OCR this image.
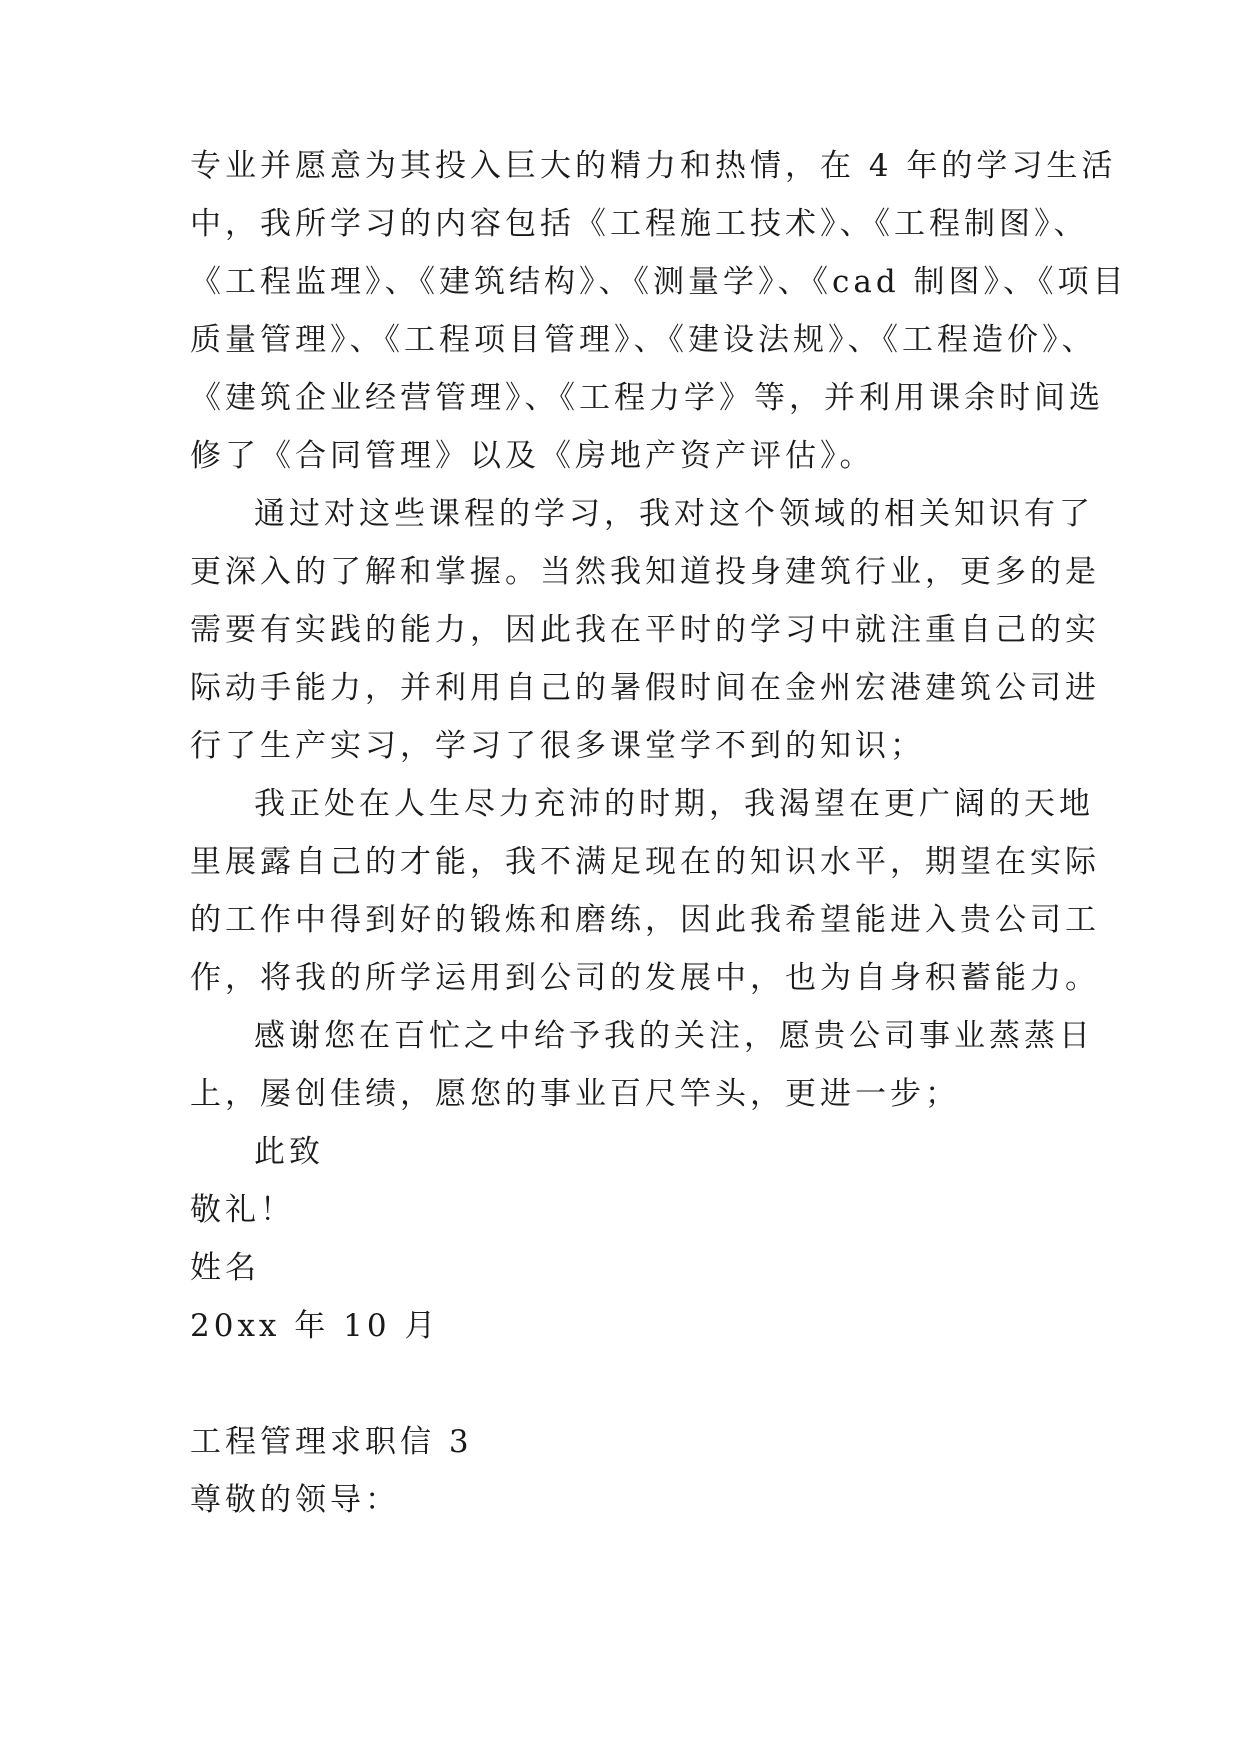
专业并愿意为其投入巨大的精力和热情，在 4 年的学习生活
中，我所学习的内容包括《工程施工技术》、《工程制图》、
《工程监理》、《建筑结构》、《测量学》、《cad 制图》、《项目
质量管理》、《工程项目管理》、《建设法规》、《工程造价》、
《建筑企业经营管理》、《工程力学》等，并利用课余时间选
修了《合同管理》以及《房地产资产评估》。
通过对这些课程的学习，我对这个领域的相关知识有了
更深入的了解和掌握。当然我知道投身建筑行业，更多的是
需要有实践的能力，因此我在平时的学习中就注重自己的实
际动手能力，并利用自己的暑假时间在金州宏港建筑公司进
行了生产实习，学习了很多课堂学不到的知识；
我正处在人生尽力充沛的时期，我渴望在更广阔的天地
里展露自己的才能，我不满足现在的知识水平，期望在实际
的工作中得到好的锻炼和磨练，因此我希望能进入贵公司工
作，将我的所学运用到公司的发展中，也为自身积蓄能力。
感谢您在百忙之中给予我的关注，愿贵公司事业蒸蒸日
上，屡创佳绩，愿您的事业百尺竿头，更进一步；
此致
敬礼！
姓名
20xx 年 10 月
工程管理求职信 3
尊敬的领导：
